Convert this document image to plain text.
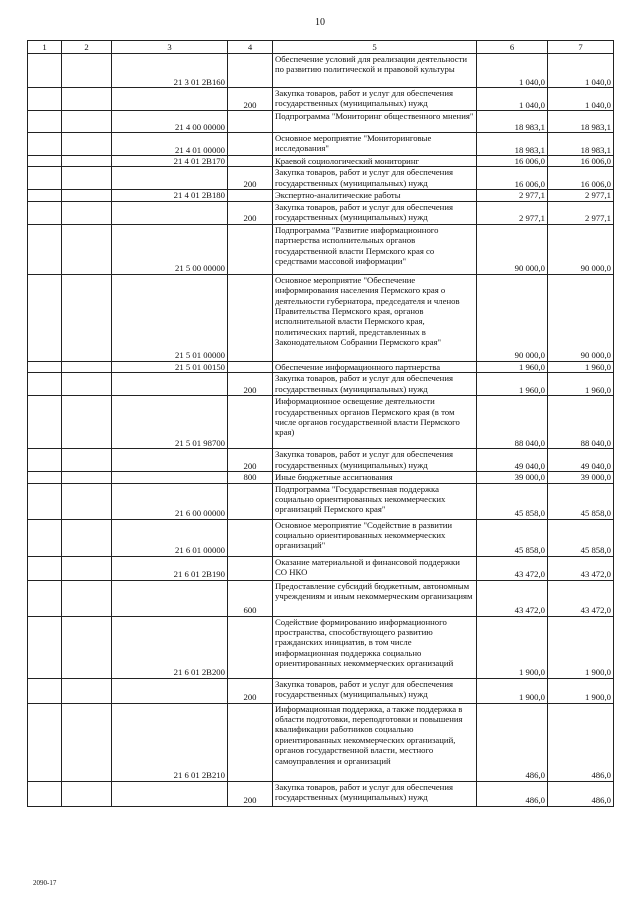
10
1	2	3	4	5	6	7
		21 3 01 2В160		Обеспечение условий для реализации деятельности по развитию политической и правовой культуры	1 040,0	1 040,0
			200	Закупка товаров, работ и услуг для обеспечения государственных (муниципальных) нужд	1 040,0	1 040,0
		21 4 00 00000		Подпрограмма "Мониторинг общественного мнения"	18 983,1	18 983,1
		21 4 01 00000		Основное мероприятие "Мониторинговые исследования"	18 983,1	18 983,1
		21 4 01 2В170		Краевой социологический мониторинг	16 006,0	16 006,0
			200	Закупка товаров, работ и услуг для обеспечения государственных (муниципальных) нужд	16 006,0	16 006,0
		21 4 01 2В180		Экспертно-аналитические работы	2 977,1	2 977,1
			200	Закупка товаров, работ и услуг для обеспечения государственных (муниципальных) нужд	2 977,1	2 977,1
		21 5 00 00000		Подпрограмма "Развитие информационного партнерства исполнительных органов государственной власти Пермского края со средствами массовой информации"	90 000,0	90 000,0
		21 5 01 00000		Основное мероприятие "Обеспечение информирования населения Пермского края о деятельности губернатора, председателя и членов Правительства Пермского края, органов исполнительной власти Пермского края, политических партий, представленных в Законодательном Собрании Пермского края"	90 000,0	90 000,0
		21 5 01 00150		Обеспечение информационного партнерства	1 960,0	1 960,0
			200	Закупка товаров, работ и услуг для обеспечения государственных (муниципальных) нужд	1 960,0	1 960,0
		21 5 01 98700		Информационное освещение деятельности государственных органов Пермского края (в том числе органов государственной власти Пермского края)	88 040,0	88 040,0
			200	Закупка товаров, работ и услуг для обеспечения государственных (муниципальных) нужд	49 040,0	49 040,0
			800	Иные бюджетные ассигнования	39 000,0	39 000,0
		21 6 00 00000		Подпрограмма "Государственная поддержка социально ориентированных некоммерческих организаций Пермского края"	45 858,0	45 858,0
		21 6 01 00000		Основное мероприятие "Содействие в развитии социально ориентированных некоммерческих организаций"	45 858,0	45 858,0
		21 6 01 2В190		Оказание материальной и финансовой поддержки СО НКО	43 472,0	43 472,0
			600	Предоставление субсидий бюджетным, автономным учреждениям и иным некоммерческим организациям	43 472,0	43 472,0
		21 6 01 2В200		Содействие формированию информационного пространства, способствующего развитию гражданских инициатив, в том числе информационная поддержка социально ориентированных некоммерческих организаций	1 900,0	1 900,0
			200	Закупка товаров, работ и услуг для обеспечения государственных (муниципальных) нужд	1 900,0	1 900,0
		21 6 01 2В210		Информационная поддержка, а также поддержка в области подготовки, переподготовки и повышения квалификации работников социально ориентированных некоммерческих организаций, органов государственной власти, местного самоуправления и организаций	486,0	486,0
			200	Закупка товаров, работ и услуг для обеспечения государственных (муниципальных) нужд	486,0	486,0
2090-17
